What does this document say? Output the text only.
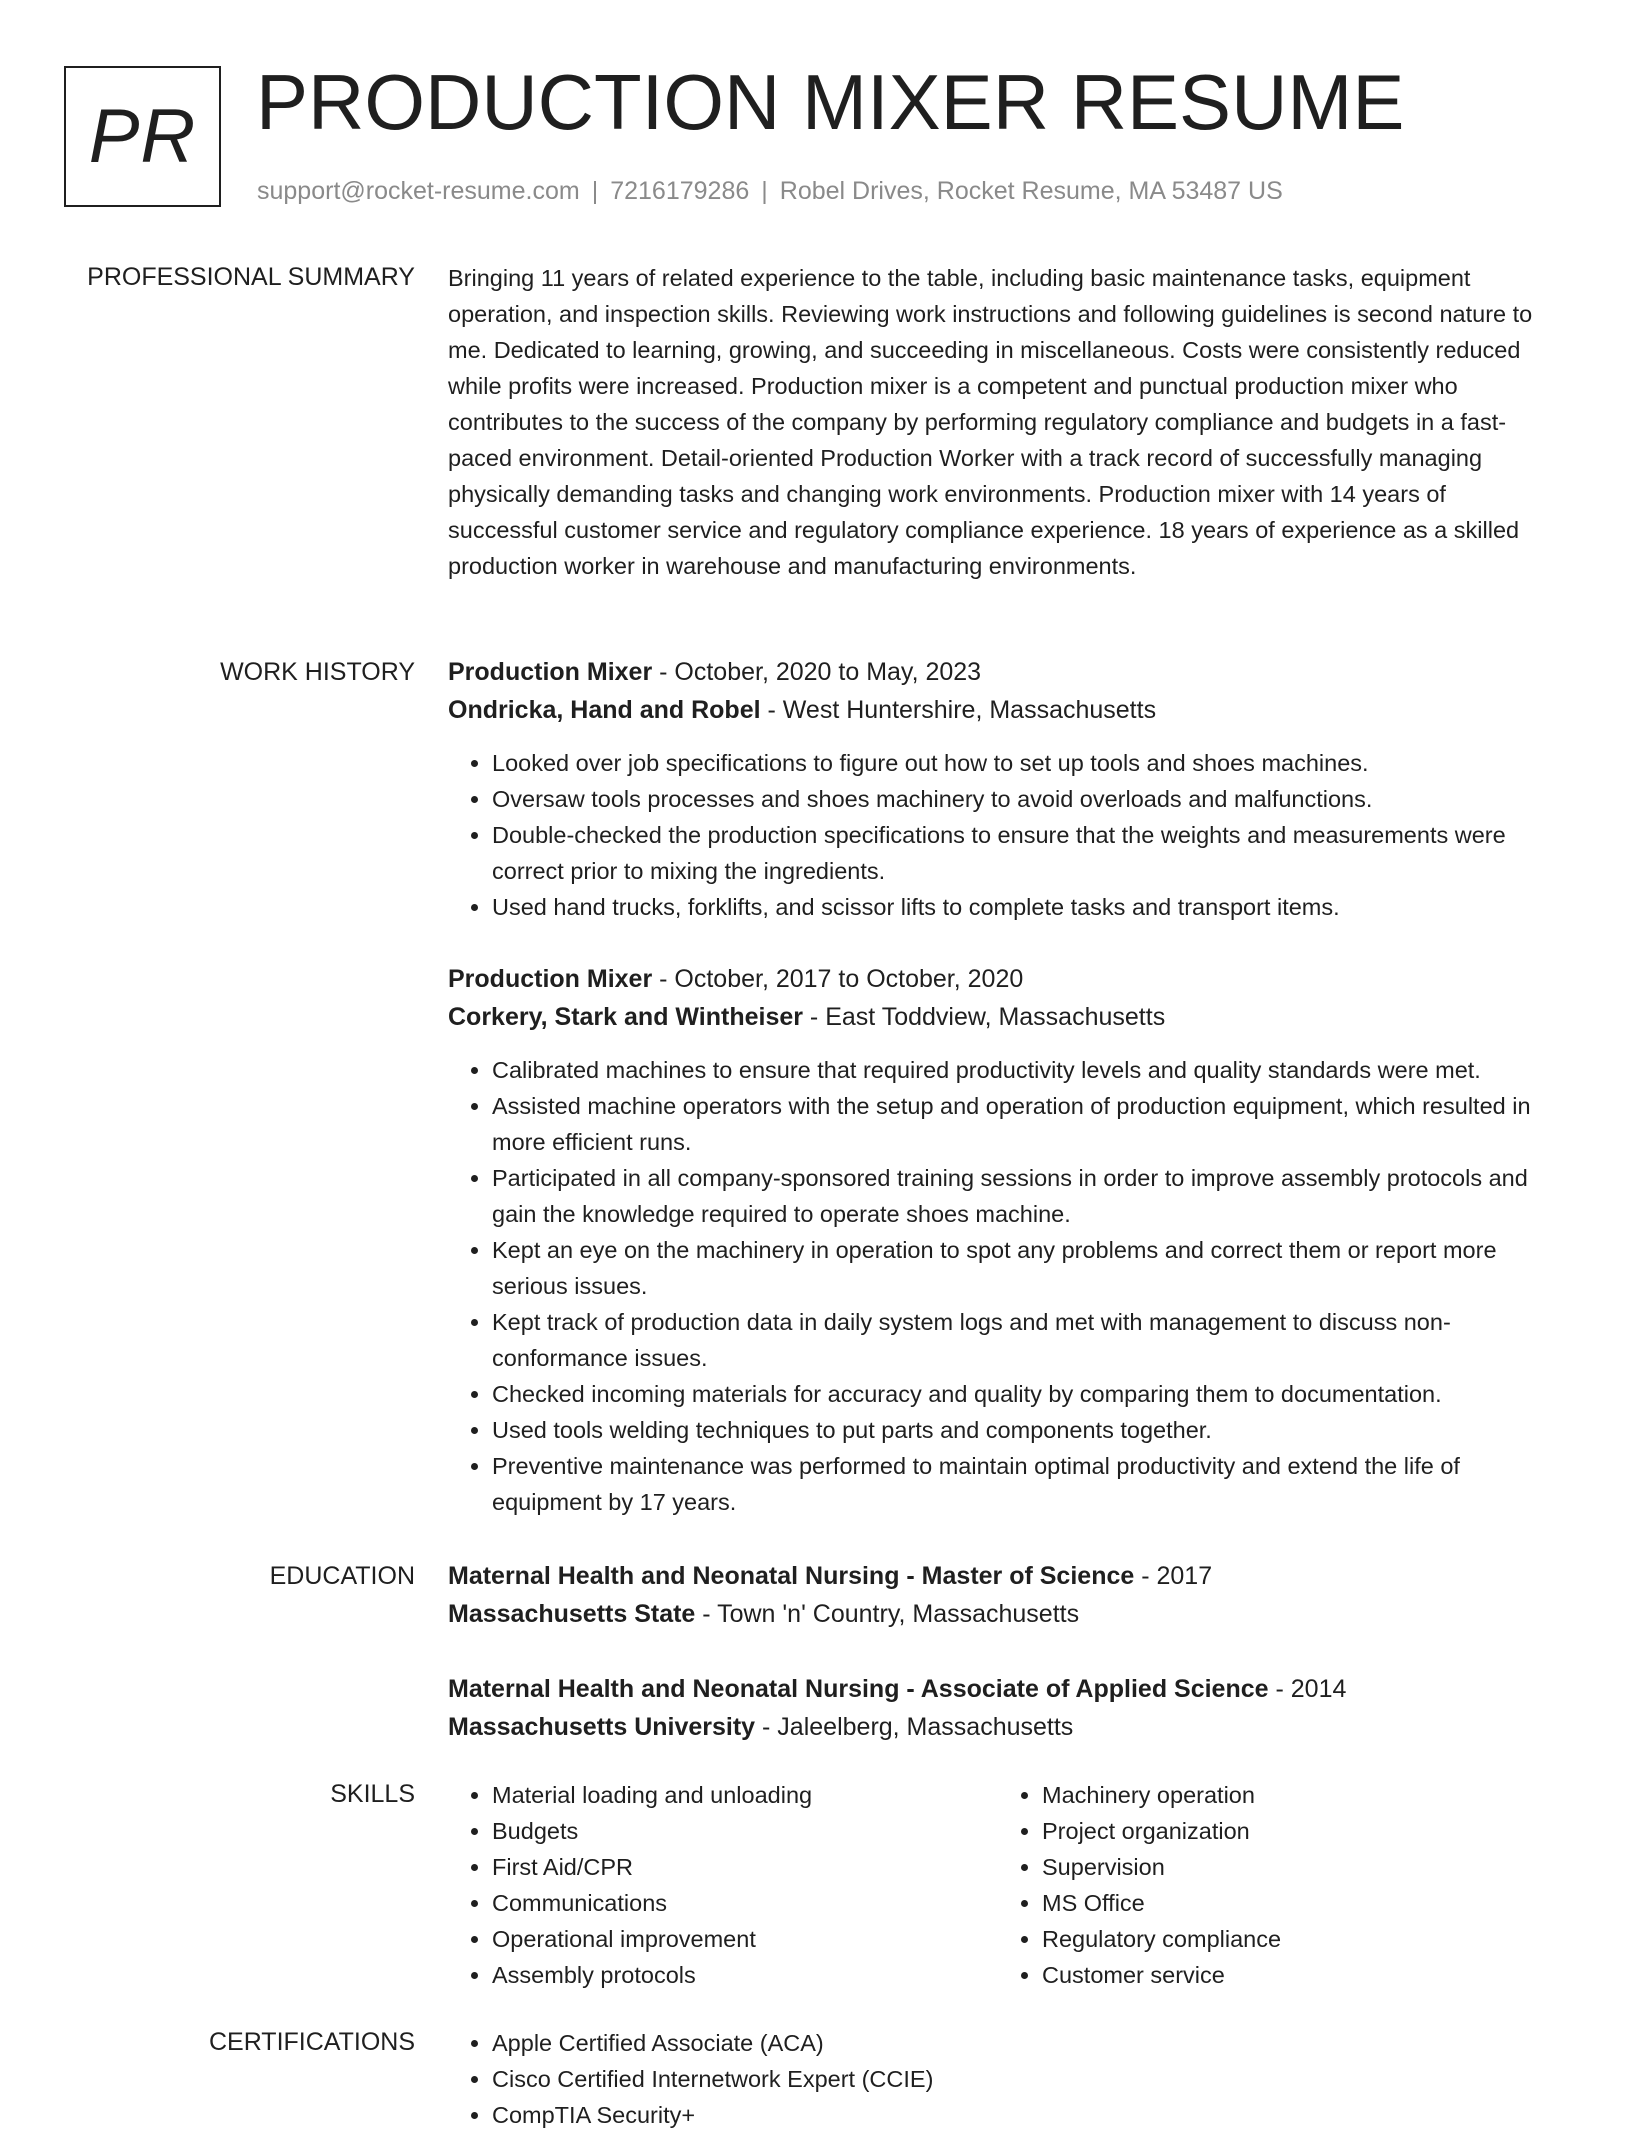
PR PRODUCTION MIXER RESUME
support@rocket-resume.com | 7216179286 | Robel Drives, Rocket Resume, MA 53487 US
PROFESSIONAL SUMMARY Bringing 11 years of related experience to the table, including basic maintenance tasks, equipment operation, and inspection skills. Reviewing work instructions and following guidelines is second nature to me. Dedicated to learning, growing, and succeeding in miscellaneous. Costs were consistently reduced while profits were increased. Production mixer is a competent and punctual production mixer who contributes to the success of the company by performing regulatory compliance and budgets in a fast-paced environment. Detail-oriented Production Worker with a track record of successfully managing physically demanding tasks and changing work environments. Production mixer with 14 years of successful customer service and regulatory compliance experience. 18 years of experience as a skilled production worker in warehouse and manufacturing environments.
WORK HISTORY Production Mixer - October, 2020 to May, 2023
Ondricka, Hand and Robel - West Huntershire, Massachusetts
• Looked over job specifications to figure out how to set up tools and shoes machines.
• Oversaw tools processes and shoes machinery to avoid overloads and malfunctions.
• Double-checked the production specifications to ensure that the weights and measurements were correct prior to mixing the ingredients.
• Used hand trucks, forklifts, and scissor lifts to complete tasks and transport items.
Production Mixer - October, 2017 to October, 2020
Corkery, Stark and Wintheiser - East Toddview, Massachusetts
• Calibrated machines to ensure that required productivity levels and quality standards were met.
• Assisted machine operators with the setup and operation of production equipment, which resulted in more efficient runs.
• Participated in all company-sponsored training sessions in order to improve assembly protocols and gain the knowledge required to operate shoes machine.
• Kept an eye on the machinery in operation to spot any problems and correct them or report more serious issues.
• Kept track of production data in daily system logs and met with management to discuss non-conformance issues.
• Checked incoming materials for accuracy and quality by comparing them to documentation.
• Used tools welding techniques to put parts and components together.
• Preventive maintenance was performed to maintain optimal productivity and extend the life of equipment by 17 years.
EDUCATION Maternal Health and Neonatal Nursing - Master of Science - 2017
Massachusetts State - Town 'n' Country, Massachusetts
Maternal Health and Neonatal Nursing - Associate of Applied Science - 2014
Massachusetts University - Jaleelberg, Massachusetts
SKILLS	• Material loading and unloading
• Budgets
• First Aid/CPR
• Communications
• Operational improvement
• Assembly protocols
• Machinery operation
• Project organization
• Supervision
• MS Office
• Regulatory compliance
• Customer service
CERTIFICATIONS	• Apple Certified Associate (ACA)
• Cisco Certified Internetwork Expert (CCIE)
• CompTIA Security+
